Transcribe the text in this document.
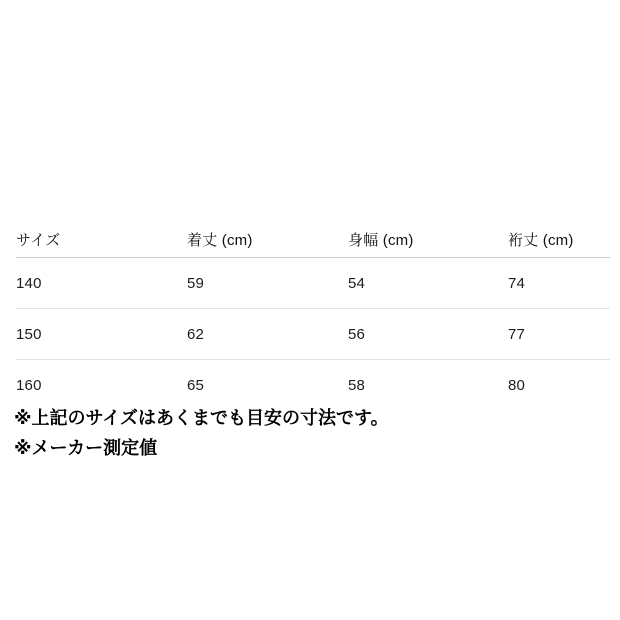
サイズ	着丈 (cm)	身幅 (cm)	裄丈 (cm)
140	59	54	74
150	62	56	77
160	65	58	80
※上記のサイズはあくまでも目安の寸法です。
※メーカー測定値
